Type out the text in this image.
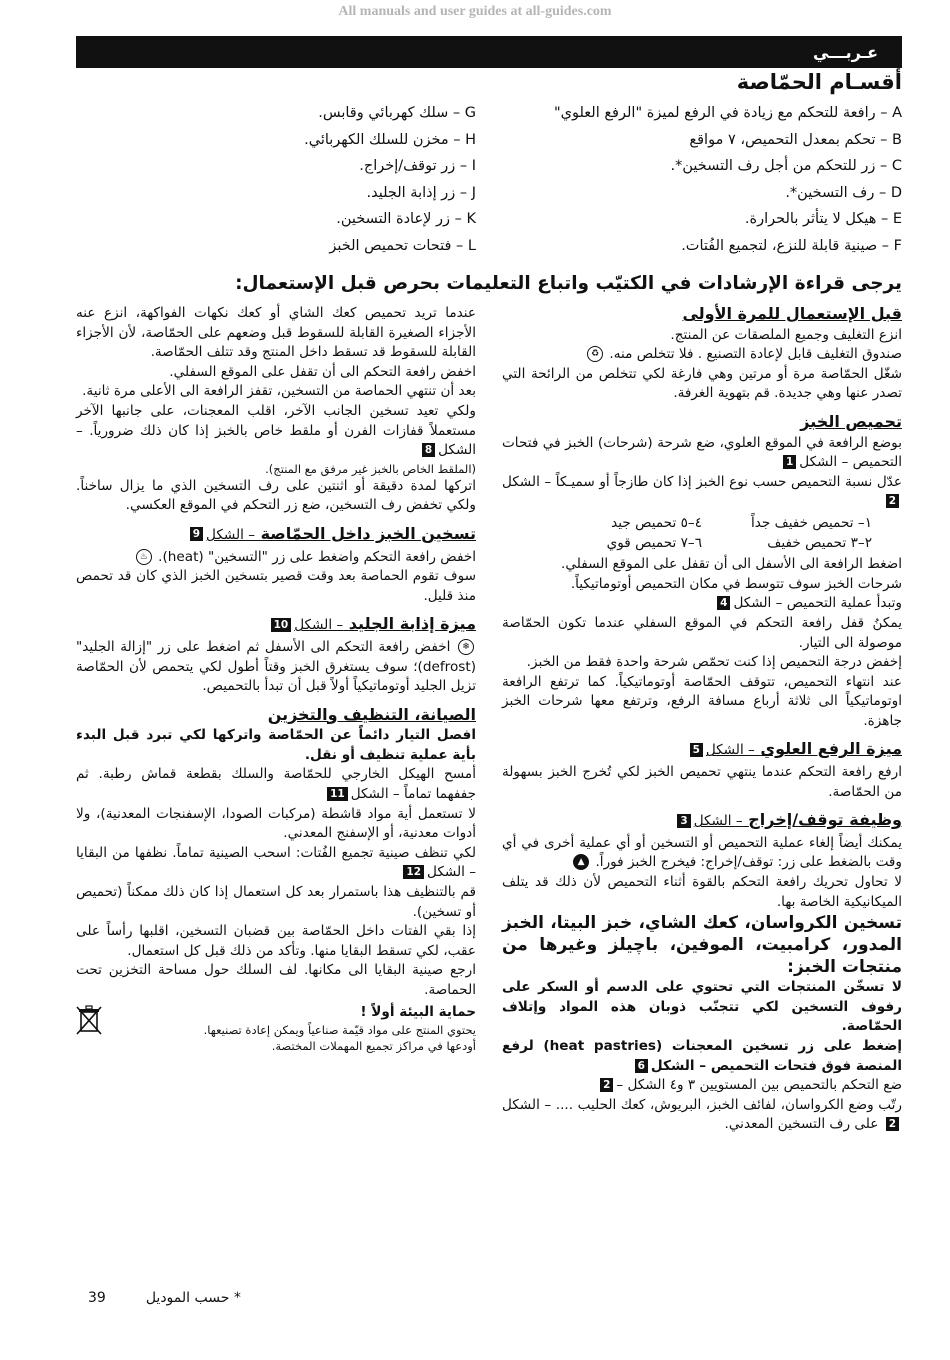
All manuals and user guides at all-guides.com
عـربـــي
أقسـام الحمّاصة
A – رافعة للتحكم مع زيادة في الرفع لميزة "الرفع العلوي"
B – تحكم بمعدل التحميص، ٧ مواقع
C – زر للتحكم من أجل رف التسخين*.
D – رف التسخين*.
E – هيكل لا يتأثر بالحرارة.
F – صينية قابلة للنزع، لتجميع الفُتات.
G – سلك كهربائي وقابس.
H – مخزن للسلك الكهربائي.
I – زر توقف/إخراج.
J – زر إذابة الجليد.
K – زر لإعادة التسخين.
L – فتحات تحميص الخبز
يرجى قراءة الإرشادات في الكتيّب واتباع التعليمات بحرص قبل الإستعمال:
قبل الإستعمال للمرة الأولى

انزع التغليف وجميع الملصقات عن المنتج.

صندوق التغليف قابل لإعادة التصنيع . فلا تتخلص منه. ♻

شغّل الحمّاصة مرة أو مرتين وهي فارغة لكي تتخلص من الرائحة التي تصدر عنها وهي جديدة. قم بتهوية الغرفة.

تحميص الخبز

بوضع الرافعة في الموقع العلوي، ضع شرحة (شرحات) الخبز في فتحات التحميص – الشكل1

عدّل نسبة التحميص حسب نوع الخبز إذا كان طازجاً أو سميـكاً – الشكل2

١– تحميص خفيف جداً
٤–٥ تحميص جيد
٢–٣ تحميص خفيف
٦–٧ تحميص قوي

اضغط الرافعة الى الأسفل الى أن تقفل على الموقع السفلي.

شرحات الخبز سوف تتوسط في مكان التحميص أوتوماتيكياً.

وتبدأ عملية التحميص – الشكل4

يمكنُ قفل رافعة التحكم في الموقع السفلي عندما تكون الحمّاصة موصولة الى التيار.

إخفض درجة التحميص إذا كنت تحمّص شرحة واحدة فقط من الخبز.

عند انتهاء التحميص، تتوقف الحمّاصة أوتوماتيكياً. كما ترتفع الرافعة اوتوماتيكياً الى ثلاثة أرباع مسافة الرفع، وترتفع معها شرحات الخبز جاهزة.

ميزة الرفع العلوي – الشكل5

ارفع رافعة التحكم عندما ينتهي تحميص الخبز لكي تُخرج الخبز بسهولة من الحمّاصة.

وظيفة توقف/إخراج – الشكل3

يمكنك أيضاً إلغاء عملية التحميص أو التسخين أو أي عملية أخرى في أي وقت بالضغط على زر: توقف/إخراج: فيخرج الخبز فوراً. ▲

لا تحاول تحريك رافعة التحكم بالقوة أثناء التحميص لأن ذلك قد يتلف الميكانيكية الخاصة بها.

تسخين الكرواسان، كعك الشاي، خبز البيتا، الخبز المدور، كرامبيت، الموفين، باچيلز وغيرها من منتجات الخبز:

لا تسخّن المنتجات التي تحتوي على الدسم أو السكر على رفوف التسخين لكي تتجنّب ذوبان هذه المواد وإتلاف الحمّاصة.

إضغط على زر تسخين المعجنات (heat pastries) لرفع المنصة فوق فتحات التحميص – الشكل6

ضع التحكم بالتحميص بين المستويين ٣ و٤ الشكل –2

رتّب وضع الكرواسان، لفائف الخبز، البريوش، كعك الحليب .... – الشكل2 على رف التسخين المعدني.

عندما تريد تحميص كعك الشاي أو كعك نكهات الفواكهة، انزع عنه الأجزاء الصغيرة القابلة للسقوط قبل وضعهم على الحمّاصة، لأن الأجزاء القابلة للسقوط قد تسقط داخل المنتج وقد تتلف الحمّاصة.

اخفض رافعة التحكم الى أن تقفل على الموقع السفلي.

بعد أن تنتهي الحماصة من التسخين، تقفز الرافعة الى الأعلى مرة ثانية.

ولكي تعيد تسخين الجانب الآخر، اقلب المعجنات، على جانبها الآخر مستعملاً قفازات الفرن أو ملقط خاص بالخبز إذا كان ذلك ضرورياً. – الشكل8

(الملقط الخاص بالخبز غير مرفق مع المنتج).

اتركها لمدة دقيقة أو اثنتين على رف التسخين الذي ما يزال ساخناً. ولكي تخفض رف التسخين، ضع زر التحكم في الموقع العكسي.

تسخين الخبز داخل الحمّاصة – الشكل9

اخفض رافعة التحكم واضغط على زر "التسخين" (heat). ♨

سوف تقوم الحماصة بعد وقت قصير بتسخين الخبز الذي كان قد تحمص منذ قليل.

ميزة إذابة الجليد – الشكل10

❄ اخفض رافعة التحكم الى الأسفل ثم اضغط على زر "إزالة الجليد" (defrost)؛ سوف يستغرق الخبز وقتاً أطول لكي يتحمص لأن الحمّاصة تزيل الجليد أوتوماتيكياً أولاً قبل أن تبدأ بالتحميص.

الصيانة، التنظيف والتخزين

افصل التيار دائماً عن الحمّاصة واتركها لكي تبرد قبل البدء بأية عملية تنظيف أو نقل.

أمسح الهيكل الخارجي للحمّاصة والسلك بقطعة قماش رطبة. ثم جففهما تماماً – الشكل11

لا تستعمل أية مواد قاشطة (مركبات الصودا، الإسفنجات المعدنية)، ولا أدوات معدنية، أو الإسفنج المعدني.

لكي تنظف صينية تجميع الفُتات: اسحب الصينية تماماً. نظفها من البقايا – الشكل12

قم بالتنظيف هذا باستمرار بعد كل استعمال إذا كان ذلك ممكناً (تحميص أو تسخين).

إذا بقي الفتات داخل الحمّاصة بين قضبان التسخين، اقلبها رأساً على عقب، لكي تسقط البقايا منها. وتأكد من ذلك قبل كل استعمال.

ارجع صينية البقايا الى مكانها. لف السلك حول مساحة التخزين تحت الحماصة.

حماية البيئة أولاً !

يحتوي المنتج على مواد قيّمة صناعياً ويمكن إعادة تصنيعها.

أودعها في مراكز تجميع المهملات المختصة.

* حسب الموديل
39
